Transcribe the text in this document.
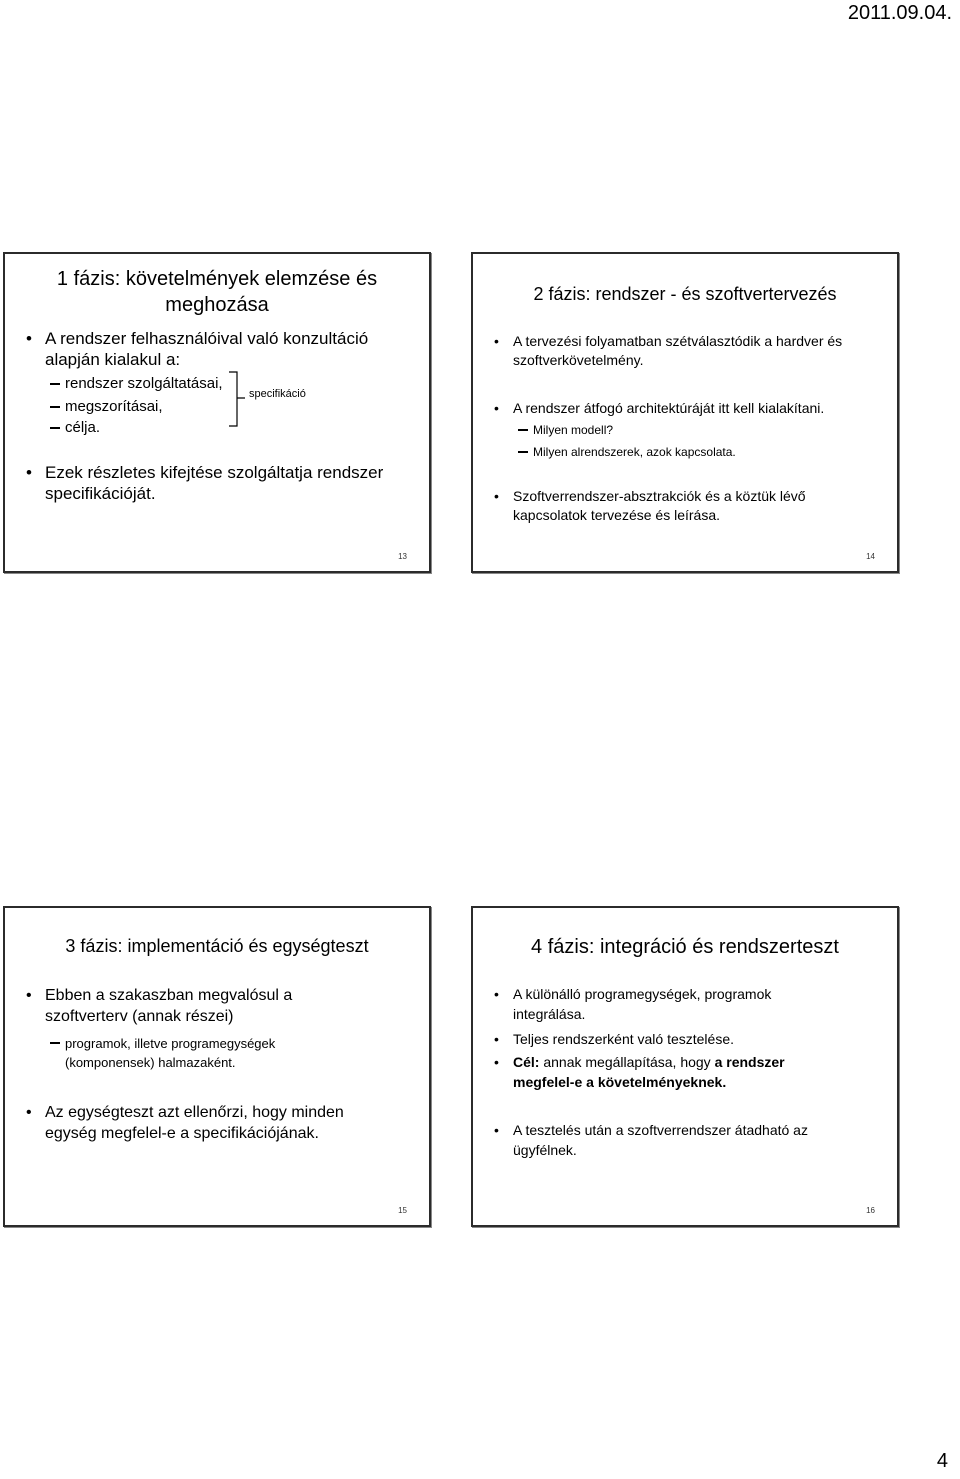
2011.09.04.
1 fázis: követelmények elemzése és meghozása

• A rendszer felhasználóival való konzultáció alapján kialakul a:

rendszer szolgáltatásai,

megszorításai,

célja.

specifikáció

• Ezek részletes kifejtése szolgáltatja rendszer specifikációját.

13
2 fázis: rendszer - és szoftvertervezés

• A tervezési folyamatban szétválasztódik a hardver és szoftverkövetelmény.

• A rendszer átfogó architektúráját itt kell kialakítani.

Milyen modell?

Milyen alrendszerek, azok kapcsolata.

• Szoftverrendszer-absztrakciók és a köztük lévő kapcsolatok tervezése és leírása.

14
3 fázis: implementáció és egységteszt

• Ebben a szakaszban megvalósul a szoftverterv (annak részei)

programok, illetve programegységek (komponensek) halmazaként.

• Az egységteszt azt ellenőrzi, hogy minden egység megfelel-e a specifikációjának.

15
4 fázis: integráció és rendszerteszt

• A különálló programegységek, programok integrálása.

• Teljes rendszerként való tesztelése.

• Cél: annak megállapítása, hogy a rendszer megfelel-e a követelményeknek.

• A tesztelés után a szoftverrendszer átadható az ügyfélnek.

16
4
